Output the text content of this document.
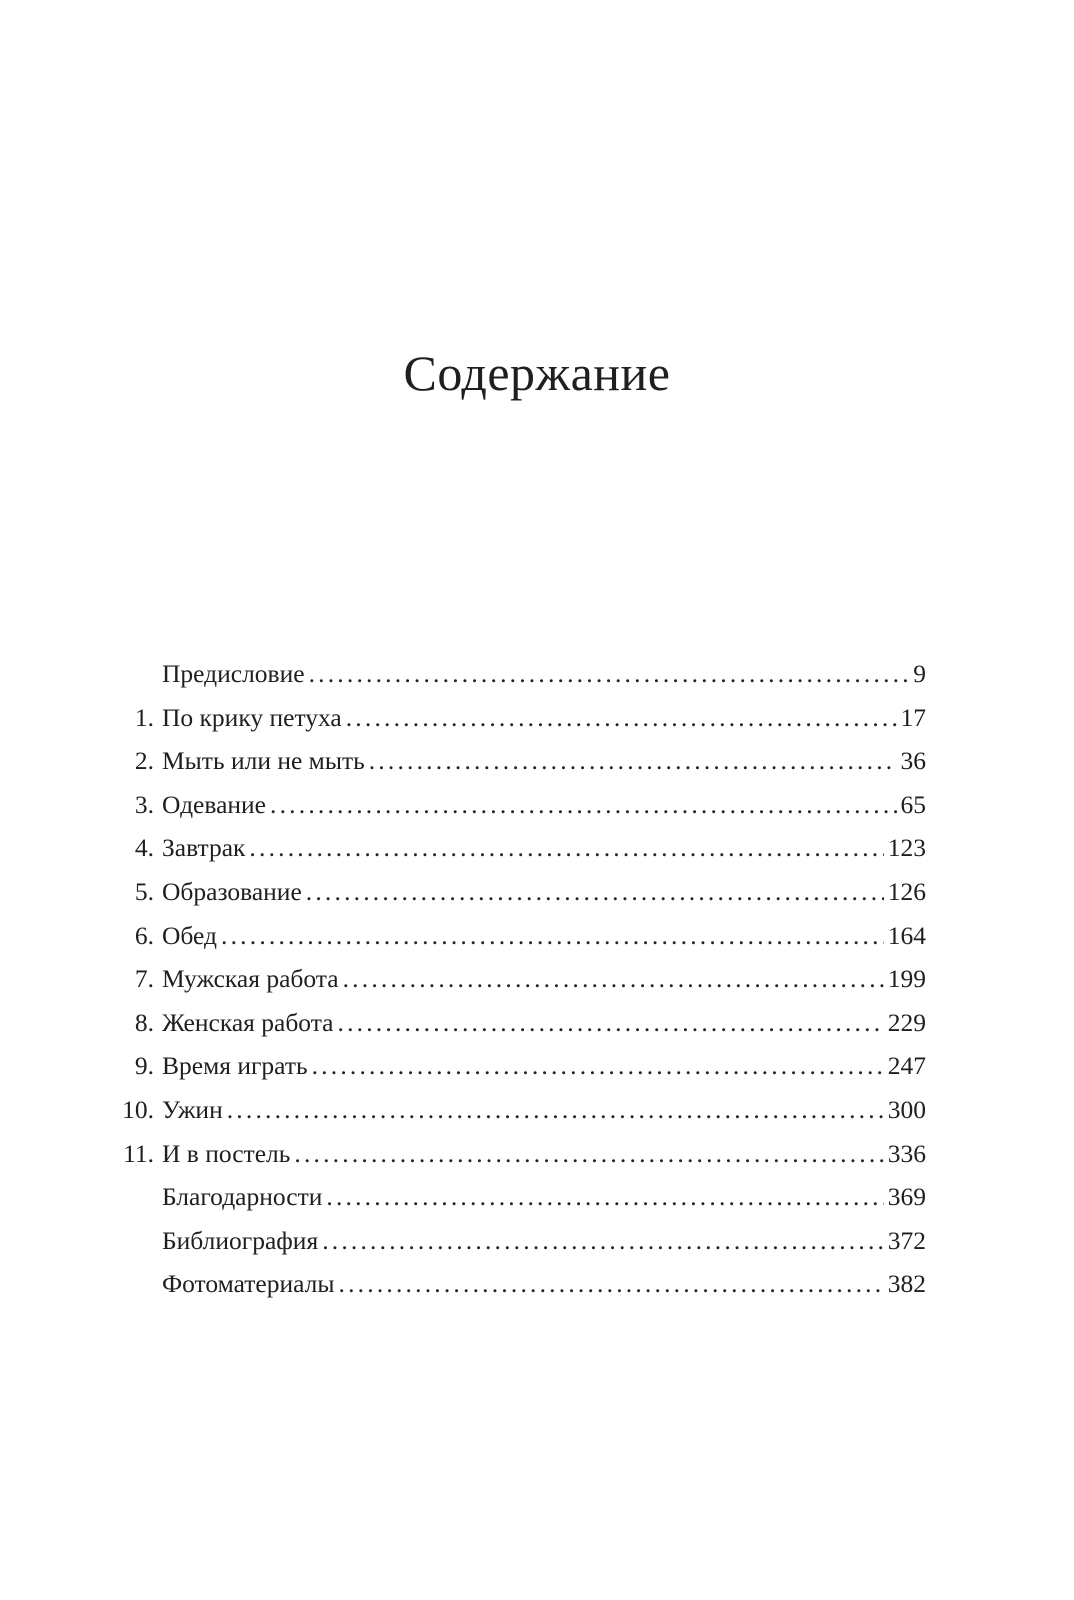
Содержание
Предисловие .....	9
1. По крику петуха .....	17
2. Мыть или не мыть .....	36
3. Одевание .....	65
4. Завтрак .....	123
5. Образование .....	126
6. Обед .....	164
7. Мужская работа .....	199
8. Женская работа .....	229
9. Время играть .....	247
10. Ужин .....	300
11. И в постель .....	336
Благодарности .....	369
Библиография .....	372
Фотоматериалы .....	382
